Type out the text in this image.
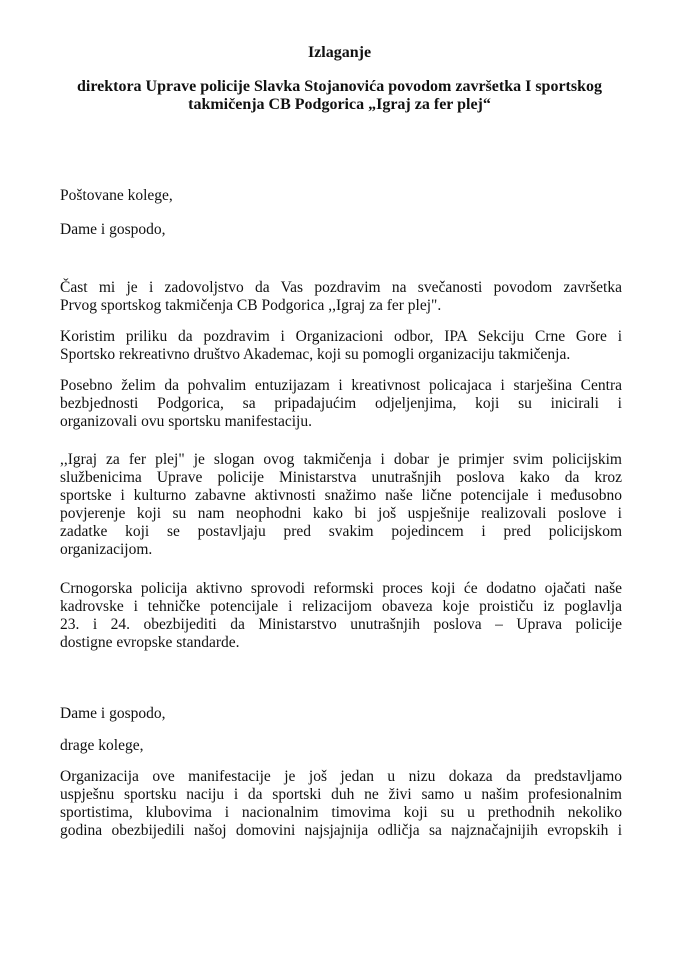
Izlaganje
direktora Uprave policije Slavka Stojanovića povodom završetka I sportskog
takmičenja CB Podgorica „Igraj za fer plej“

Poštovane kolege,

Dame i gospodo,

Čast mi je i zadovoljstvo da Vas pozdravim na svečanosti povodom završetka
Prvog sportskog takmičenja CB Podgorica ,,Igraj za fer plej".
Koristim priliku da pozdravim i Organizacioni odbor, IPA Sekciju Crne Gore i
Sportsko rekreativno društvo Akademac, koji su pomogli organizaciju takmičenja.
Posebno želim da pohvalim entuzijazam i kreativnost policajaca i starješina Centra
bezbjednosti Podgorica, sa pripadajućim odjeljenjima, koji su inicirali i
organizovali ovu sportsku manifestaciju.
,,Igraj za fer plej" je slogan ovog takmičenja i dobar je primjer svim policijskim
službenicima Uprave policije Ministarstva unutrašnjih poslova kako da kroz
sportske i kulturno zabavne aktivnosti snažimo naše lične potencijale i međusobno
povjerenje koji su nam neophodni kako bi još uspješnije realizovali poslove i
zadatke koji se postavljaju pred svakim pojedincem i pred policijskom
organizacijom.
Crnogorska policija aktivno sprovodi reformski proces koji će dodatno ojačati naše
kadrovske i tehničke potencijale i relizacijom obaveza koje proističu iz poglavlja
23. i 24. obezbijediti da Ministarstvo unutrašnjih poslova – Uprava policije
dostigne evropske standarde.

Dame i gospodo,

drage kolege,

Organizacija ove manifestacije je još jedan u nizu dokaza da predstavljamo
uspješnu sportsku naciju i da sportski duh ne živi samo u našim profesionalnim
sportistima, klubovima i nacionalnim timovima koji su u prethodnih nekoliko
godina obezbijedili našoj domovini najsjajnija odličja sa najznačajnijih evropskih i
